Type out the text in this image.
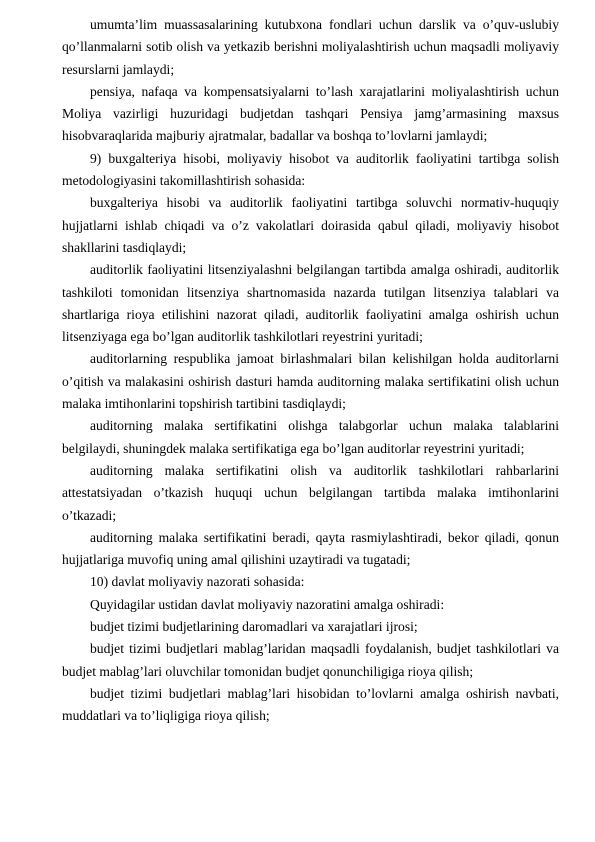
umumta’lim muassasalarining kutubxona fondlari uchun darslik va o’quv-uslubiy qo’llanmalarni sotib olish va yetkazib berishni moliyalashtirish uchun maqsadli moliyaviy resurslarni jamlaydi;

pensiya, nafaqa va kompensatsiyalarni to’lash xarajatlarini moliyalashtirish uchun Moliya vazirligi huzuridagi budjetdan tashqari Pensiya jamg’armasining maxsus hisobvaraqlarida majburiy ajratmalar, badallar va boshqa to’lovlarni jamlaydi;

9) buxgalteriya hisobi, moliyaviy hisobot va auditorlik faoliyatini tartibga solish metodologiyasini takomillashtirish sohasida:

buxgalteriya hisobi va auditorlik faoliyatini tartibga soluvchi normativ-huquqiy hujjatlarni ishlab chiqadi va o’z vakolatlari doirasida qabul qiladi, moliyaviy hisobot shakllarini tasdiqlaydi;

auditorlik faoliyatini litsenziyalashni belgilangan tartibda amalga oshiradi, auditorlik tashkiloti tomonidan litsenziya shartnomasida nazarda tutilgan litsenziya talablari va shartlariga rioya etilishini nazorat qiladi, auditorlik faoliyatini amalga oshirish uchun litsenziyaga ega bo’lgan auditorlik tashkilotlari reyestrini yuritadi;

auditorlarning respublika jamoat birlashmalari bilan kelishilgan holda auditorlarni o’qitish va malakasini oshirish dasturi hamda auditorning malaka sertifikatini olish uchun malaka imtihonlarini topshirish tartibini tasdiqlaydi;

auditorning malaka sertifikatini olishga talabgorlar uchun malaka talablarini belgilaydi, shuningdek malaka sertifikatiga ega bo’lgan auditorlar reyestrini yuritadi;

auditorning malaka sertifikatini olish va auditorlik tashkilotlari rahbarlarini attestatsiyadan o’tkazish huquqi uchun belgilangan tartibda malaka imtihonlarini o’tkazadi;

auditorning malaka sertifikatini beradi, qayta rasmiylashtiradi, bekor qiladi, qonun hujjatlariga muvofiq uning amal qilishini uzaytiradi va tugatadi;

10) davlat moliyaviy nazorati sohasida:

Quyidagilar ustidan davlat moliyaviy nazoratini amalga oshiradi:

budjet tizimi budjetlarining daromadlari va xarajatlari ijrosi;

budjet tizimi budjetlari mablag’laridan maqsadli foydalanish, budjet tashkilotlari va budjet mablag’lari oluvchilar tomonidan budjet qonunchiligiga rioya qilish;

budjet tizimi budjetlari mablag’lari hisobidan to’lovlarni amalga oshirish navbati, muddatlari va to’liqligiga rioya qilish;
